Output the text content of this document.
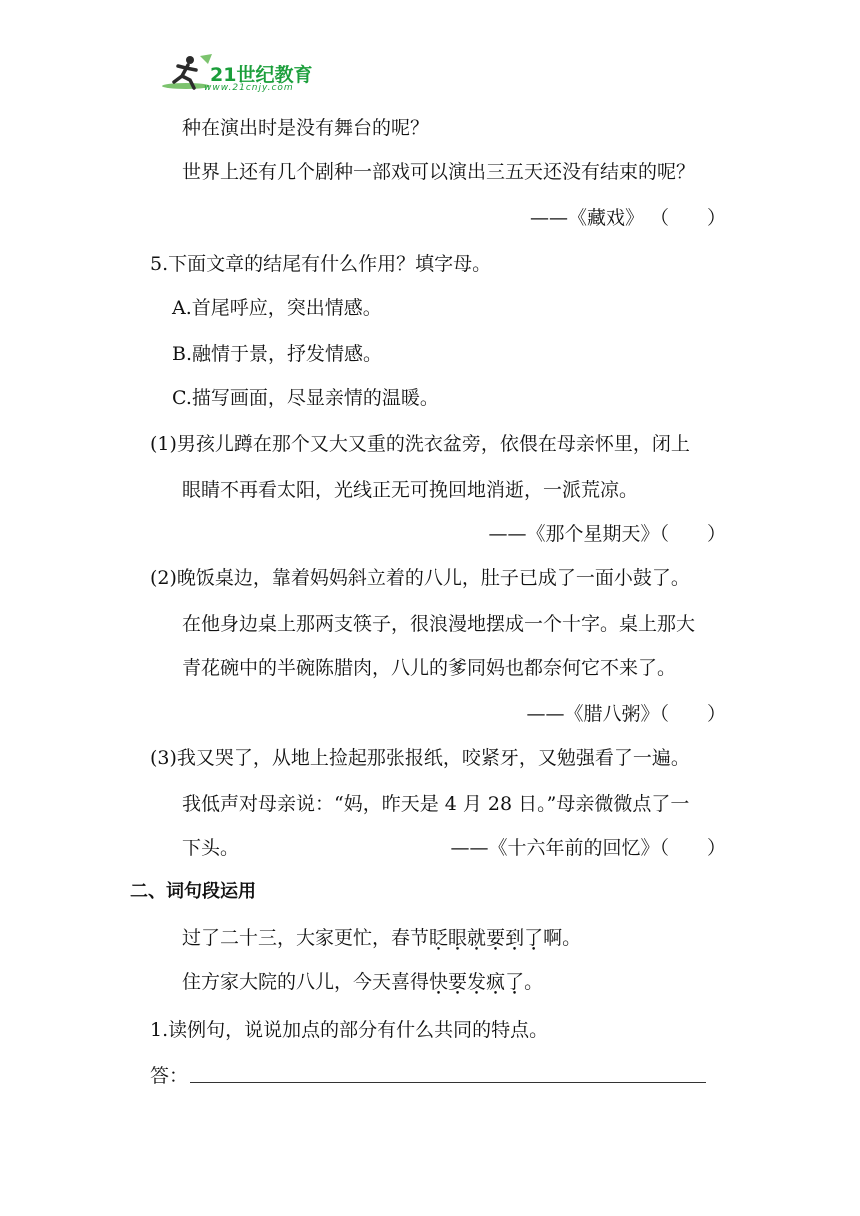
21世纪教育
www.21cnjy.com
种在演出时是没有舞台的呢？
世界上还有几个剧种一部戏可以演出三五天还没有结束的呢？
——《藏戏》 （　　）
5.下面文章的结尾有什么作用？填字母。
A.首尾呼应，突出情感。
B.融情于景，抒发情感。
C.描写画面，尽显亲情的温暖。
(1)男孩儿蹲在那个又大又重的洗衣盆旁，依偎在母亲怀里，闭上
眼睛不再看太阳，光线正无可挽回地消逝，一派荒凉。
——《那个星期天》（　　）
(2)晚饭桌边，靠着妈妈斜立着的八儿，肚子已成了一面小鼓了。
在他身边桌上那两支筷子，很浪漫地摆成一个十字。桌上那大
青花碗中的半碗陈腊肉，八儿的爹同妈也都奈何它不来了。
——《腊八粥》（　　）
(3)我又哭了，从地上捡起那张报纸，咬紧牙，又勉强看了一遍。
我低声对母亲说：“妈，昨天是 4 月 28 日。”母亲微微点了一
下头。	——《十六年前的回忆》（　　）
二、词句段运用
过了二十三，大家更忙，春节眨眼就要到了啊。
住方家大院的八儿，今天喜得快要发疯了。
1.读例句，说说加点的部分有什么共同的特点。
答：
